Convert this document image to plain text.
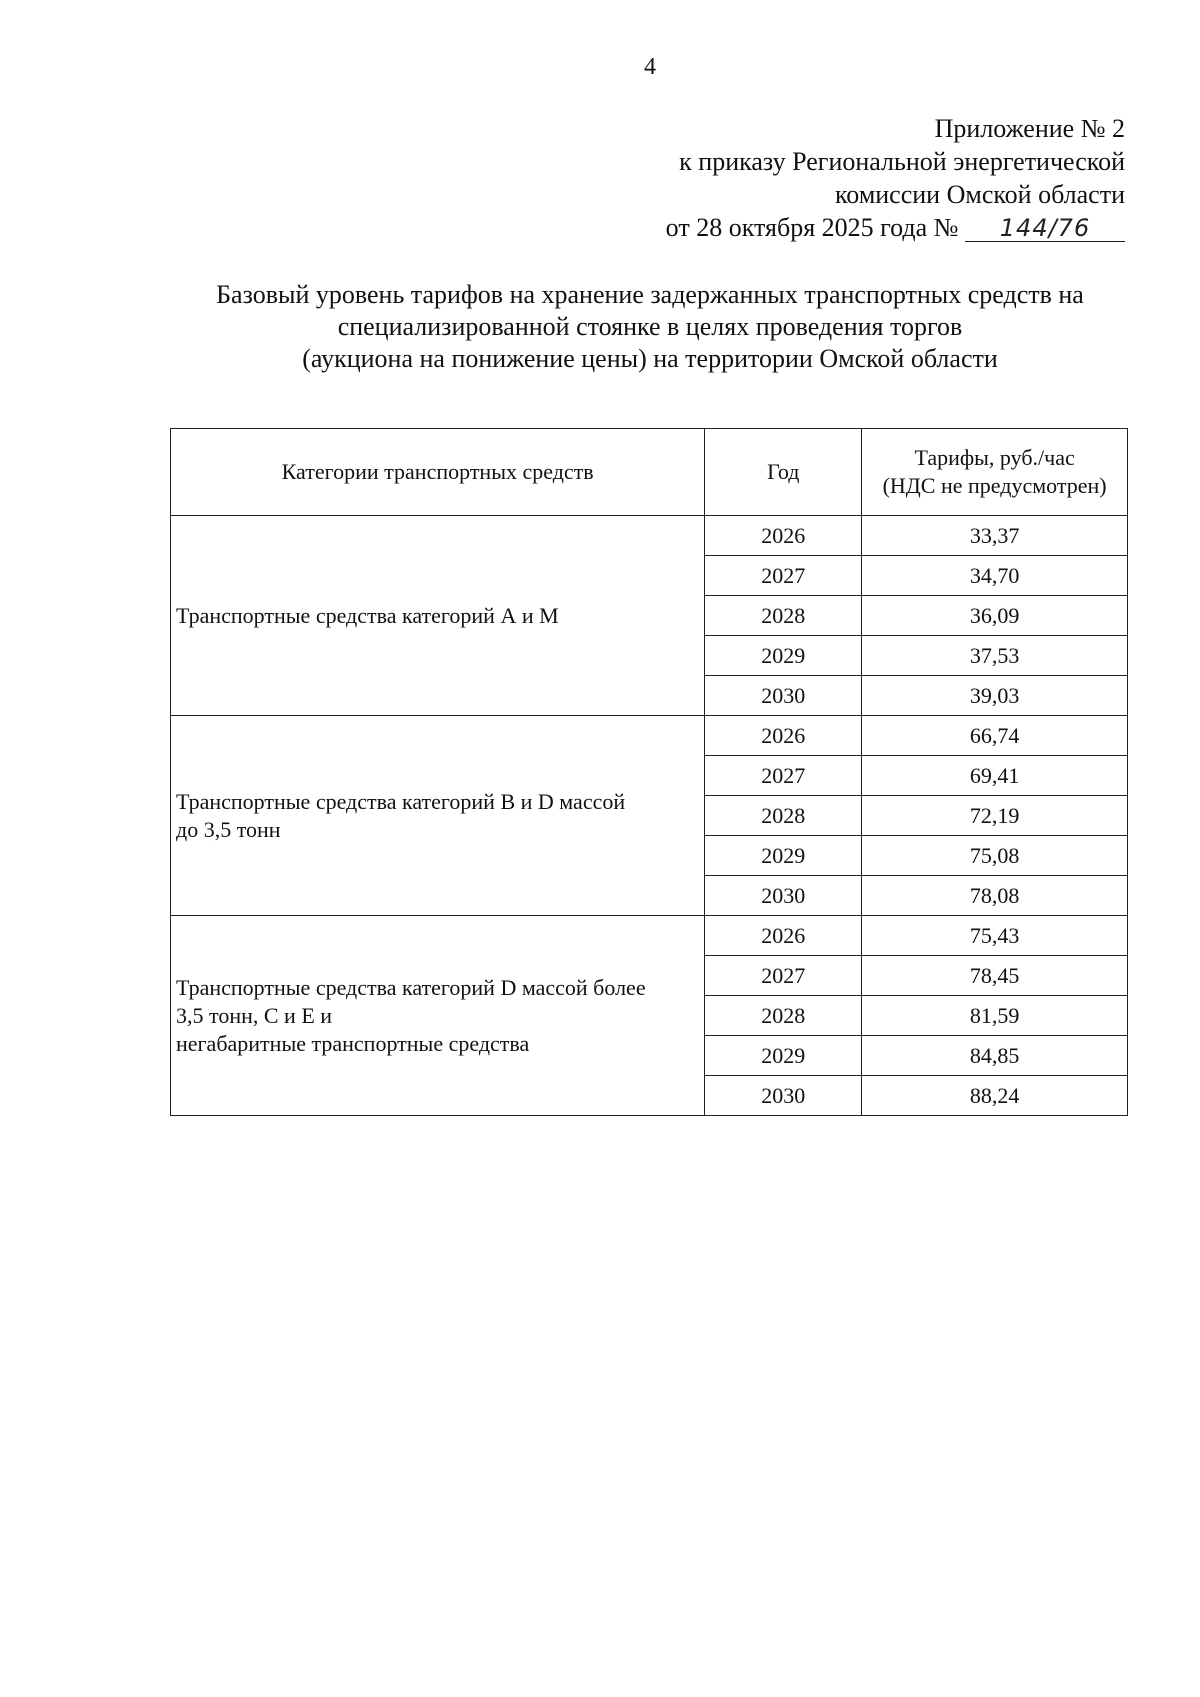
4
Приложение № 2
к приказу Региональной энергетической
комиссии Омской области
от 28 октября 2025 года № 144/76
Базовый уровень тарифов на хранение задержанных транспортных средств на
специализированной стоянке в целях проведения торгов
(аукциона на понижение цены) на территории Омской области
Категории транспортных средств	Год	Тарифы, руб./час
(НДС не предусмотрен)

Транспортные средства категорий А и М	2026	33,37
	2027	34,70
	2028	36,09
	2029	37,53
	2030	39,03
Транспортные средства категорий В и D массой
до 3,5 тонн	2026	66,74
	2027	69,41
	2028	72,19
	2029	75,08
	2030	78,08
Транспортные средства категорий D массой более
3,5 тонн, С и Е и
негабаритные транспортные средства	2026	75,43
	2027	78,45
	2028	81,59
	2029	84,85
	2030	88,24
